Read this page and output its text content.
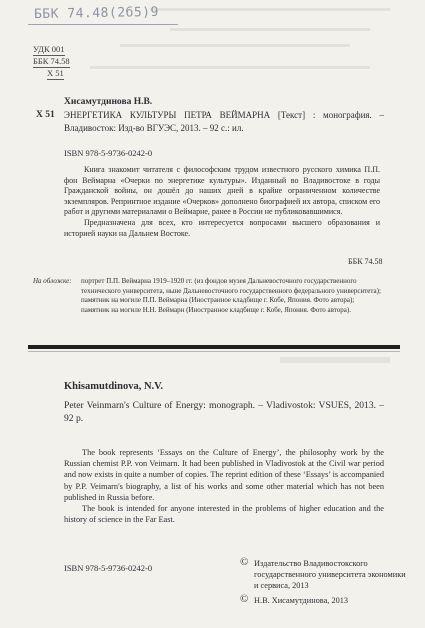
ББК 74.48(2б5)9
УДК 001
ББК 74.58
Х 51
Х 51
Хисамутдинова Н.В.
ЭНЕРГЕТИКА КУЛЬТУРЫ ПЕТРА ВЕЙМАРНА [Текст] : монография. – Владивосток: Изд-во ВГУЭС, 2013. – 92 с.: ил.
ISBN 978-5-9736-0242-0

Книга знакомит читателя с философским трудом известного русского химика П.П. фон Веймарна «Очерки по энергетике культуры». Изданный во Владивостоке в годы Гражданской войны, он дошёл до наших дней в крайне ограниченном количестве экземпляров. Репринтное издание «Очерков» дополнено биографией их автора, списком его работ и другими материалами о Веймарне, ранее в России не публиковавшимися.

Предназначена для всех, кто интересуется вопросами высшего образования и историей науки на Дальнем Востоке.

ББК 74.58
На обложке: портрет П.П. Веймарна 1919–1920 гг. (из фондов музея Дальневосточного государственного технического университета, ныне Дальневосточного государственного федерального университета);
памятник на могиле П.П. Веймарна (Иностранное кладбище г. Кобе, Япония. Фото автора);
памятник на могиле Н.Н. Веймарн (Иностранное кладбище г. Кобе, Япония. Фото автора).
Khisamutdinova, N.V.
Peter Veinmarn's Culture of Energy: monograph. – Vladivostok: VSUES, 2013. – 92 p.

The book represents ‘Essays on the Culture of Energy’, the philosophy work by the Russian chemist P.P. von Veimarn. It had been published in Vladivostok at the Civil war period and now exists in quite a number of copies. The reprint edition of these ‘Essays’ is accompanied by P.P. Veimarn's biography, a list of his works and some other material which has not been published in Russia before.

The book is intended for anyone interested in the problems of higher education and the history of science in the Far East.

ISBN 978-5-9736-0242-0	© Издательство Владивостокского государственного университета экономики и сервиса, 2013
© Н.В. Хисамутдинова, 2013
